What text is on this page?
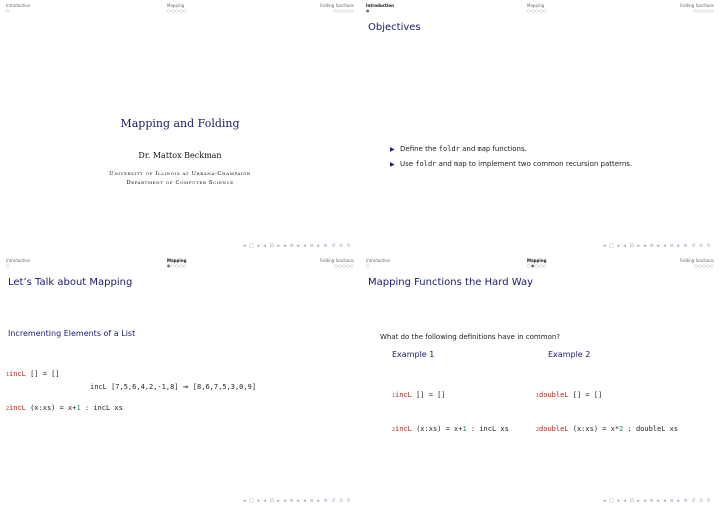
Introduction	Mapping	Folding functions
○	○○○○○	○○○○○
Mapping and Folding
Dr. Mattox Beckman
University of Illinois at Urbana-Champaign
Department of Computer Science
◂ □ ▸ ◂ ⊡ ▸ ◂ ≡ ▸ ◂ ≡ ▸ ≡ ↺ ⊙ ↻
Introduction	Mapping	Folding functions
●	○○○○○	○○○○○
Objectives
▶ Define the foldr and map functions.
▶ Use foldr and map to implement two common recursion patterns.
◂ □ ▸ ◂ ⊡ ▸ ◂ ≡ ▸ ◂ ≡ ▸ ≡ ↺ ⊙ ↻
Introduction	Mapping	Folding functions
○	●○○○○	○○○○○
Let’s Talk about Mapping
Incrementing Elements of a List

1incL [] = []

2incL (x:xs) = x+1 : incL xs

incL [7,5,6,4,2,-1,8] ⇒ [8,6,7,5,3,0,9]
◂ □ ▸ ◂ ⊡ ▸ ◂ ≡ ▸ ◂ ≡ ▸ ≡ ↺ ⊙ ↻
Introduction	Mapping	Folding functions
○	○●○○○	○○○○○
Mapping Functions the Hard Way
What do the following definitions have in common?
Example 1	Example 2

1incL [] = []

2incL (x:xs) = x+1 : incL xs

1doubleL [] = []

2doubleL (x:xs) = x*2 : doubleL xs

◂ □ ▸ ◂ ⊡ ▸ ◂ ≡ ▸ ◂ ≡ ▸ ≡ ↺ ⊙ ↻
